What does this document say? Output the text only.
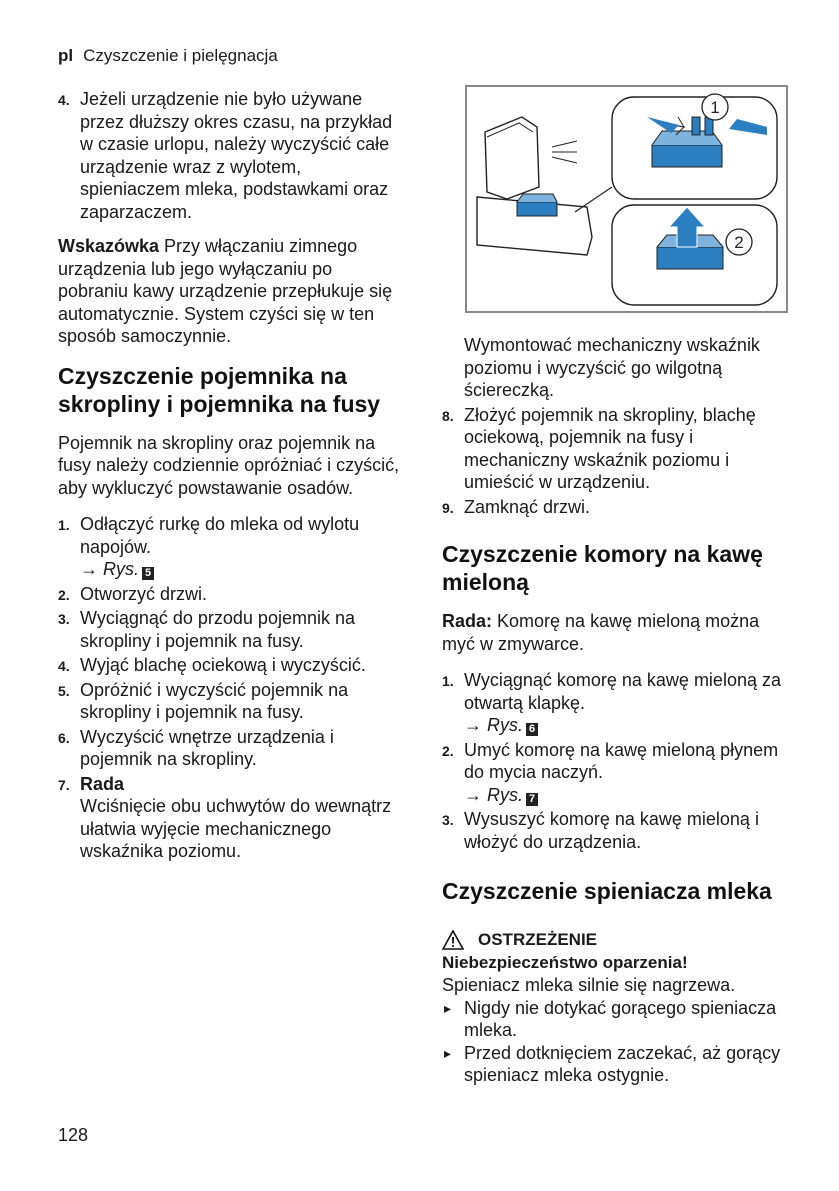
pl Czyszczenie i pielęgnacja
4. Jeżeli urządzenie nie było używane przez dłuższy okres czasu, na przykład w czasie urlopu, należy wyczyścić całe urządzenie wraz z wylotem, spieniaczem mleka, podstawkami oraz zaparzaczem.

Wskazówka Przy włączaniu zimnego urządzenia lub jego wyłączaniu po pobraniu kawy urządzenie przepłukuje się automatycznie. System czyści się w ten sposób samoczynnie.

Czyszczenie pojemnika na skropliny i pojemnika na fusy

Pojemnik na skropliny oraz pojemnik na fusy należy codziennie opróżniać i czyścić, aby wykluczyć powstawanie osadów.

1. Odłączyć rurkę do mleka od wylotu napojów.
→ Rys. 5
2. Otworzyć drzwi.
3. Wyciągnąć do przodu pojemnik na skropliny i pojemnik na fusy.
4. Wyjąć blachę ociekową i wyczyścić.
5. Opróżnić i wyczyścić pojemnik na skropliny i pojemnik na fusy.
6. Wyczyścić wnętrze urządzenia i pojemnik na skropliny.
7. Rada
Wciśnięcie obu uchwytów do wewnątrz ułatwia wyjęcie mechanicznego wskaźnika poziomu.
1
2

Wymontować mechaniczny wskaźnik poziomu i wyczyścić go wilgotną ściereczką.

8. Złożyć pojemnik na skropliny, blachę ociekową, pojemnik na fusy i mechaniczny wskaźnik poziomu i umieścić w urządzeniu.
9. Zamknąć drzwi.
Czyszczenie komory na kawę mieloną

Rada: Komorę na kawę mieloną można myć w zmywarce.

1. Wyciągnąć komorę na kawę mieloną za otwartą klapkę.
→ Rys. 6
2. Umyć komorę na kawę mieloną płynem do mycia naczyń.
→ Rys. 7
3. Wysuszyć komorę na kawę mieloną i włożyć do urządzenia.
Czyszczenie spieniacza mleka
OSTRZEŻENIE
Niebezpieczeństwo oparzenia!
Spieniacz mleka silnie się nagrzewa.
▸ Nigdy nie dotykać gorącego spieniacza mleka.
▸ Przed dotknięciem zaczekać, aż gorący spieniacz mleka ostygnie.
128
